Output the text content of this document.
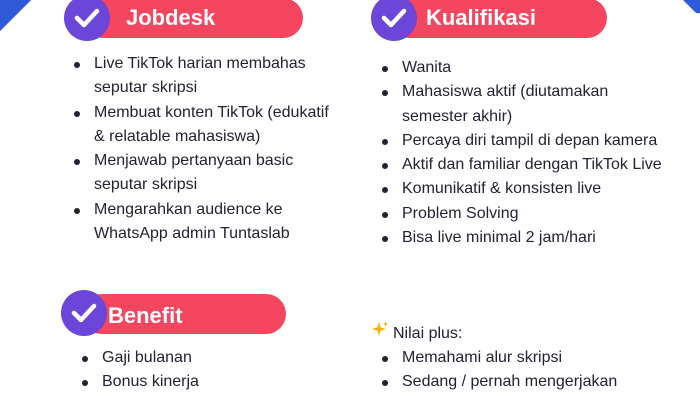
Jobdesk	Kualifikasi
Live TikTok harian membahas seputar skripsi
Membuat konten TikTok (edukatif & relatable mahasiswa)
Menjawab pertanyaan basic seputar skripsi
Mengarahkan audience ke WhatsApp admin Tuntaslab
Wanita
Mahasiswa aktif (diutamakan semester akhir)
Percaya diri tampil di depan kamera
Aktif dan familiar dengan TikTok Live
Komunikatif & konsisten live
Problem Solving
Bisa live minimal 2 jam/hari
Benefit
Gaji bulanan
Bonus kinerja
Nilai plus:
Memahami alur skripsi
Sedang / pernah mengerjakan
